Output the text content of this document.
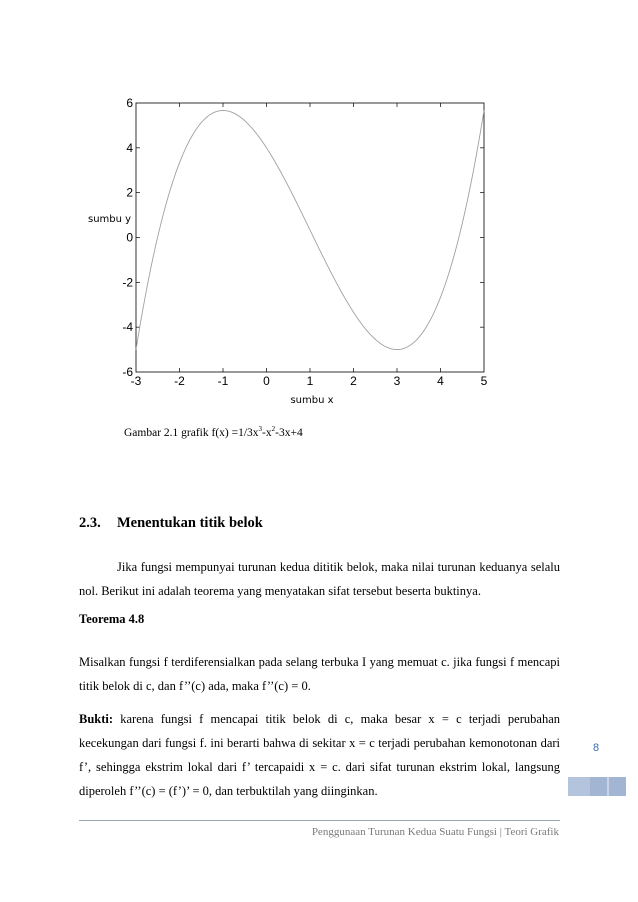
-3	-2	-1	0	1	2	3	4	5
6
4
2
0
-2
-4
-6
sumbu x
sumbu y
Gambar 2.1 grafik $f(x) =1/3x^3-x^2-3x+4$
2.3. Menentukan titik belok
Jika fungsi mempunyai turunan kedua dititik belok, maka nilai turunan keduanya selalu nol. Berikut ini adalah teorema yang menyatakan sifat tersebut beserta buktinya.
Teorema 4.8
Misalkan fungsi f terdiferensialkan pada selang terbuka I yang memuat c. jika fungsi f mencapi titik belok di c, dan f’’(c) ada, maka f’’(c) = 0.
Bukti: karena fungsi f mencapai titik belok di c, maka besar x = c terjadi perubahan kecekungan dari fungsi f. ini berarti bahwa di sekitar x = c terjadi perubahan kemonotonan dari f’, sehingga ekstrim lokal dari f’ tercapaidi x = c. dari sifat turunan ekstrim lokal, langsung diperoleh f’’(c) = (f’)’ = 0, dan terbuktilah yang diinginkan.
8
Penggunaan Turunan Kedua Suatu Fungsi | Teori Grafik
